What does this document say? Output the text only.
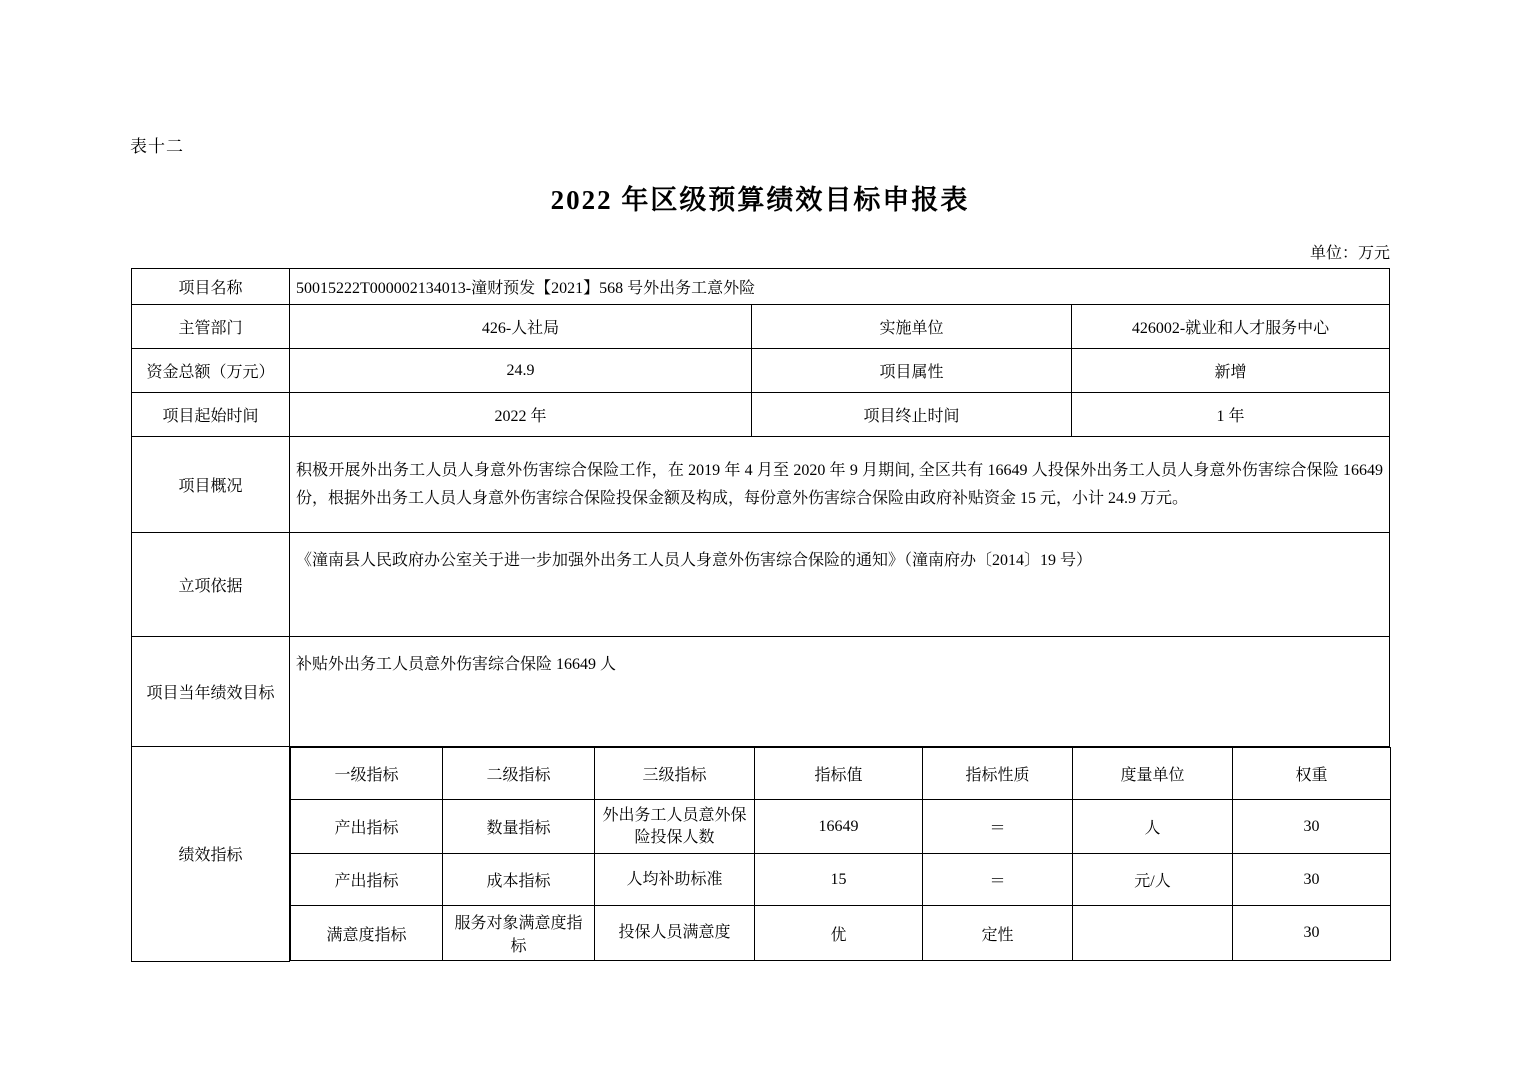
表十二
2022 年区级预算绩效目标申报表
单位：万元
项目名称	50015222T000002134013-潼财预发【2021】568 号外出务工意外险
主管部门	426-人社局	实施单位	426002-就业和人才服务中心
资金总额（万元）	24.9	项目属性	新增
项目起始时间	2022 年	项目终止时间	1 年
项目概况	积极开展外出务工人员人身意外伤害综合保险工作，在 2019 年 4 月至 2020 年 9 月期间, 全区共有 16649 人投保外出务工人员人身意外伤害综合保险 16649 份，根据外出务工人员人身意外伤害综合保险投保金额及构成，每份意外伤害综合保险由政府补贴资金 15 元，小计 24.9 万元。
立项依据	《潼南县人民政府办公室关于进一步加强外出务工人员人身意外伤害综合保险的通知》（潼南府办〔2014〕19 号）
项目当年绩效目标	补贴外出务工人员意外伤害综合保险 16649 人
绩效指标	
一级指标	二级指标	三级指标	指标值	指标性质	度量单位	权重
产出指标	数量指标	外出务工人员意外保险投保人数	16649	＝	人	30
产出指标	成本指标	人均补助标准	15	＝	元/人	30
满意度指标	服务对象满意度指标	投保人员满意度	优	定性		30
